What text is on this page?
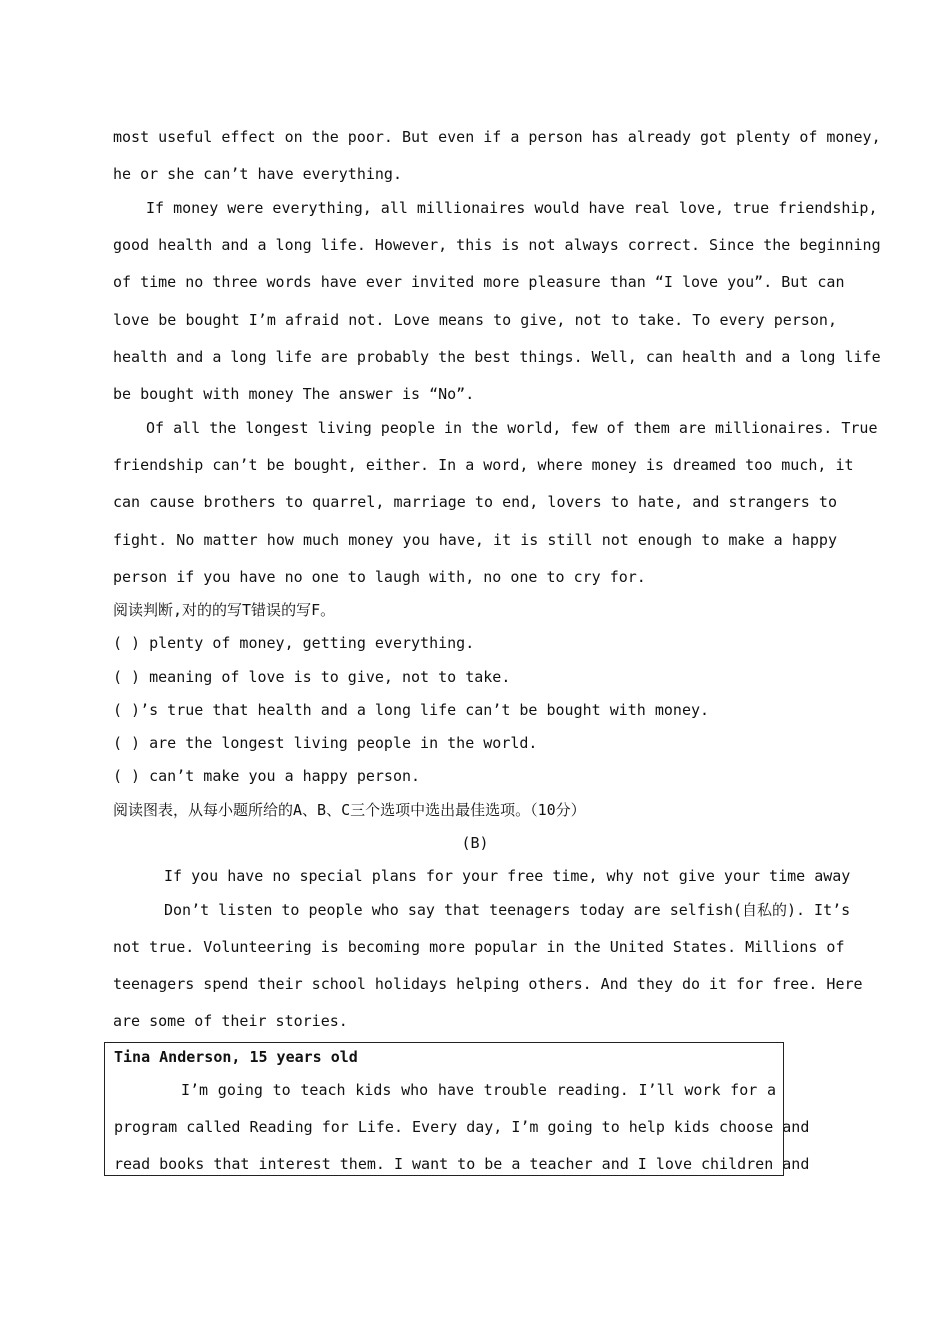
most useful effect on the poor. But even if a person has already got plenty of money,
he or she can’t have everything.
If money were everything, all millionaires would have real love, true friendship,
good health and a long life. However, this is not always correct. Since the beginning
of time no three words have ever invited more pleasure than “I love you”. But can
love be bought I’m afraid not. Love means to give, not to take. To every person,
health and a long life are probably the best things. Well, can health and a long life
be bought with money The answer is “No”.
Of all the longest living people in the world, few of them are millionaires. True
friendship can’t be bought, either. In a word, where money is dreamed too much, it
can cause brothers to quarrel, marriage to end, lovers to hate, and strangers to
fight. No matter how much money you have, it is still not enough to make a happy
person if you have no one to laugh with, no one to cry for.
阅读判断,对的的写T错误的写F。
( ) plenty of money, getting everything.
( ) meaning of love is to give, not to take.
( )’s true that health and a long life can’t be bought with money.
( ) are the longest living people in the world.
( ) can’t make you a happy person.
阅读图表，从每小题所给的A、B、C三个选项中选出最佳选项。（10分）
(B)
If you have no special plans for your free time, why not give your time away
Don’t listen to people who say that teenagers today are selfish(自私的). It’s
not true. Volunteering is becoming more popular in the United States. Millions of
teenagers spend their school holidays helping others. And they do it for free. Here
are some of their stories.
Tina Anderson, 15 years old
I’m going to teach kids who have trouble reading. I’ll work for a
program called Reading for Life. Every day, I’m going to help kids choose and
read books that interest them. I want to be a teacher and I love children and
